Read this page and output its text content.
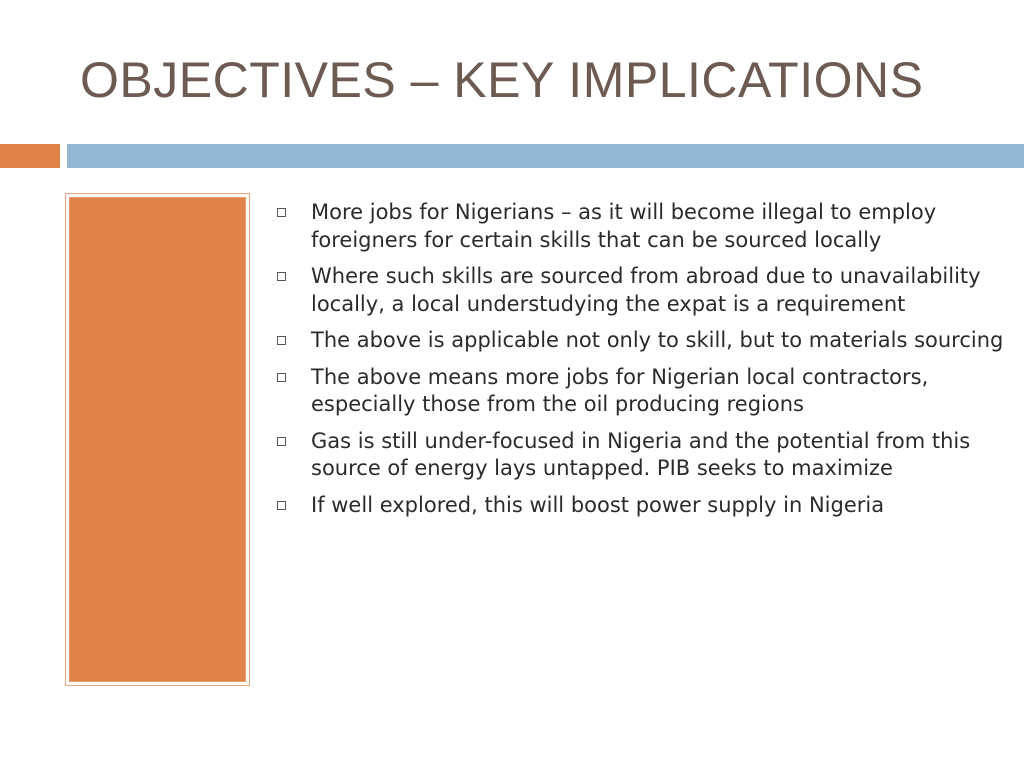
OBJECTIVES – KEY IMPLICATIONS
More jobs for Nigerians – as it will become illegal to employ foreigners for certain skills that can be sourced locally
Where such skills are sourced from abroad due to unavailability locally, a local understudying the expat is a requirement
The above is applicable not only to skill, but to materials sourcing
The above means more jobs for Nigerian local contractors, especially those from the oil producing regions
Gas is still under-focused in Nigeria and the potential from this source of energy lays untapped. PIB seeks to maximize
If well explored, this will boost power supply in Nigeria
